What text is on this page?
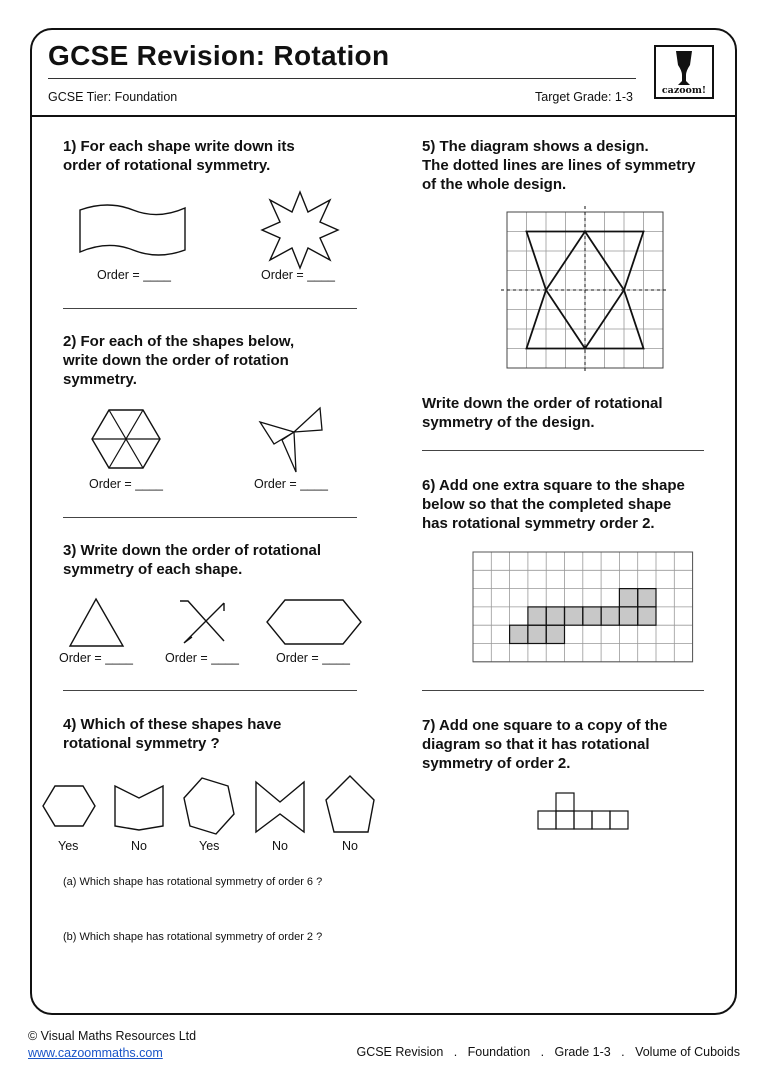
GCSE Revision: Rotation
GCSE Tier: Foundation	Target Grade: 1-3	cazoom!
1) For each shape write down its
order of rotational symmetry.
Order = ____	Order = ____
2) For each of the shapes below,
write down the order of rotation
symmetry.
Order = ____	Order = ____
3) Write down the order of rotational
symmetry of each shape.
Order = ____	Order = ____	Order = ____
4) Which of these shapes have
rotational symmetry ?
Yes	No	Yes	No	No
(a) Which shape has rotational symmetry of order 6 ?
(b) Which shape has rotational symmetry of order 2 ?
5) The diagram shows a design.
The dotted lines are lines of symmetry
of the whole design.
Write down the order of rotational
symmetry of the design.
6) Add one extra square to the shape
below so that the completed shape
has rotational symmetry order 2.
7) Add one square to a copy of the
diagram so that it has rotational
symmetry of order 2.
© Visual Maths Resources Ltd
www.cazoommaths.com	GCSE Revision   .   Foundation   .   Grade 1-3   .   Volume of Cuboids
